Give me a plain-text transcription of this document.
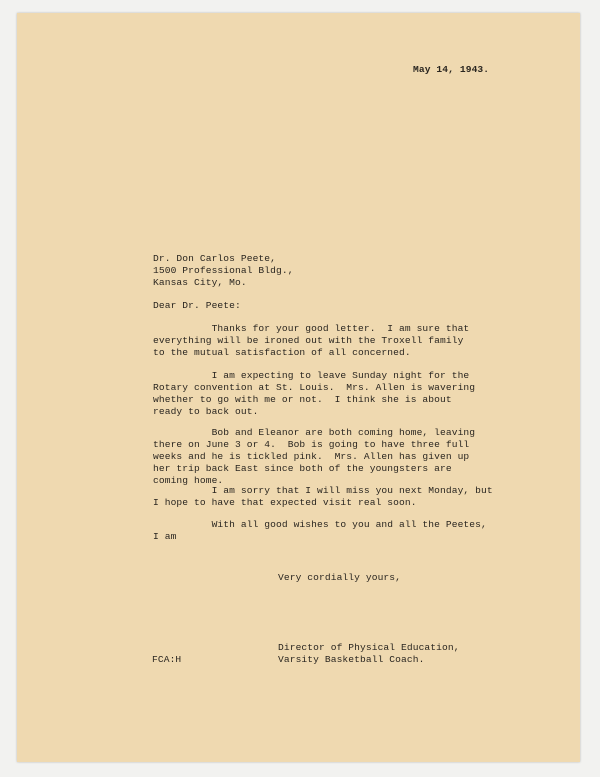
May 14, 1943.
Dr. Don Carlos Peete,
1500 Professional Bldg.,
Kansas City, Mo.
Dear Dr. Peete:
Thanks for your good letter.  I am sure that
everything will be ironed out with the Troxell family
to the mutual satisfaction of all concerned.
I am expecting to leave Sunday night for the
Rotary convention at St. Louis.  Mrs. Allen is wavering
whether to go with me or not.  I think she is about
ready to back out.
Bob and Eleanor are both coming home, leaving
there on June 3 or 4.  Bob is going to have three full
weeks and he is tickled pink.  Mrs. Allen has given up
her trip back East since both of the youngsters are
coming home.
I am sorry that I will miss you next Monday, but
I hope to have that expected visit real soon.
With all good wishes to you and all the Peetes,
I am
Very cordially yours,
Director of Physical Education,
Varsity Basketball Coach.
FCA:H
